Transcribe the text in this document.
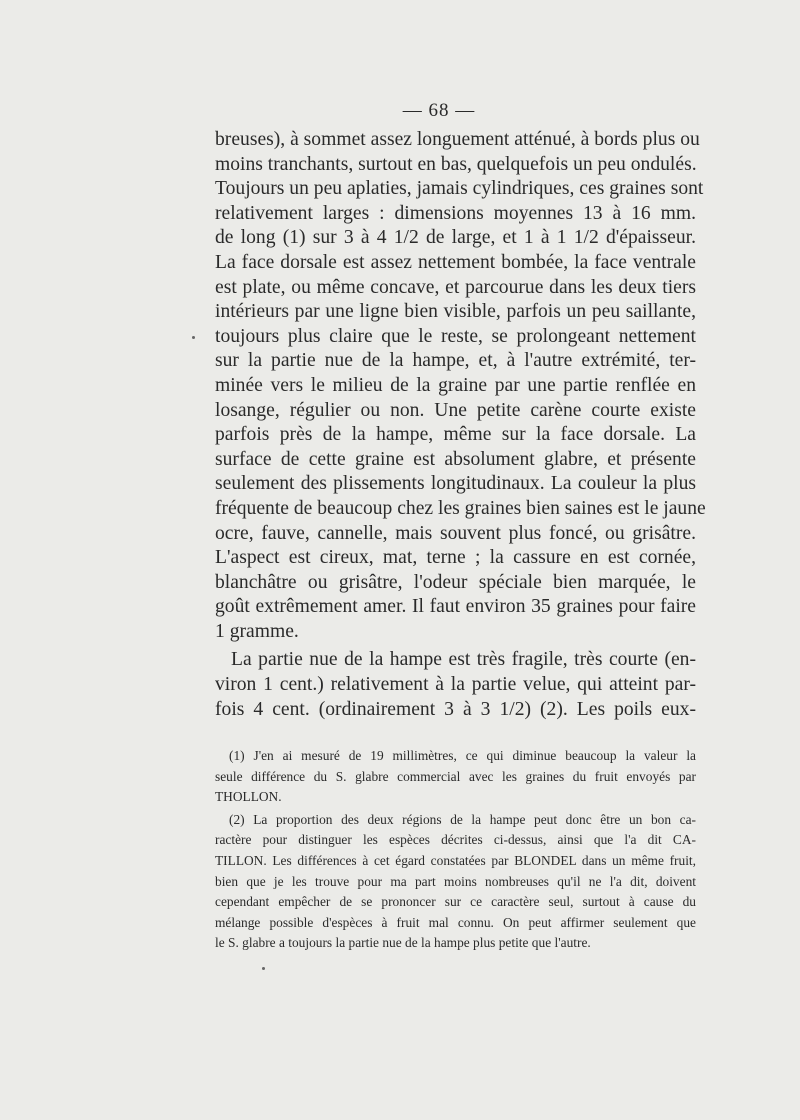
— 68 —
breuses), à sommet assez longuement atténué, à bords plus ou
moins tranchants, surtout en bas, quelquefois un peu ondulés.
Toujours un peu aplaties, jamais cylindriques, ces graines sont
relativement larges : dimensions moyennes 13 à 16 mm.
de long (1) sur 3 à 4 1/2 de large, et 1 à 1 1/2 d'épaisseur.
La face dorsale est assez nettement bombée, la face ventrale
est plate, ou même concave, et parcourue dans les deux tiers
intérieurs par une ligne bien visible, parfois un peu saillante,
toujours plus claire que le reste, se prolongeant nettement
sur la partie nue de la hampe, et, à l'autre extrémité, ter-
minée vers le milieu de la graine par une partie renflée en
losange, régulier ou non. Une petite carène courte existe
parfois près de la hampe, même sur la face dorsale. La
surface de cette graine est absolument glabre, et présente
seulement des plissements longitudinaux. La couleur la plus
fréquente de beaucoup chez les graines bien saines est le jaune
ocre, fauve, cannelle, mais souvent plus foncé, ou grisâtre.
L'aspect est cireux, mat, terne ; la cassure en est cornée,
blanchâtre ou grisâtre, l'odeur spéciale bien marquée, le
goût extrêmement amer. Il faut environ 35 graines pour faire
1 gramme.
La partie nue de la hampe est très fragile, très courte (en-
viron 1 cent.) relativement à la partie velue, qui atteint par-
fois 4 cent. (ordinairement 3 à 3 1/2) (2). Les poils eux-
(1) J'en ai mesuré de 19 millimètres, ce qui diminue beaucoup la valeur la
seule différence du S. glabre commercial avec les graines du fruit envoyés par
THOLLON.
(2) La proportion des deux régions de la hampe peut donc être un bon ca-
ractère pour distinguer les espèces décrites ci-dessus, ainsi que l'a dit CA-
TILLON. Les différences à cet égard constatées par BLONDEL dans un même fruit,
bien que je les trouve pour ma part moins nombreuses qu'il ne l'a dit, doivent
cependant empêcher de se prononcer sur ce caractère seul, surtout à cause du
mélange possible d'espèces à fruit mal connu. On peut affirmer seulement que
le S. glabre a toujours la partie nue de la hampe plus petite que l'autre.
